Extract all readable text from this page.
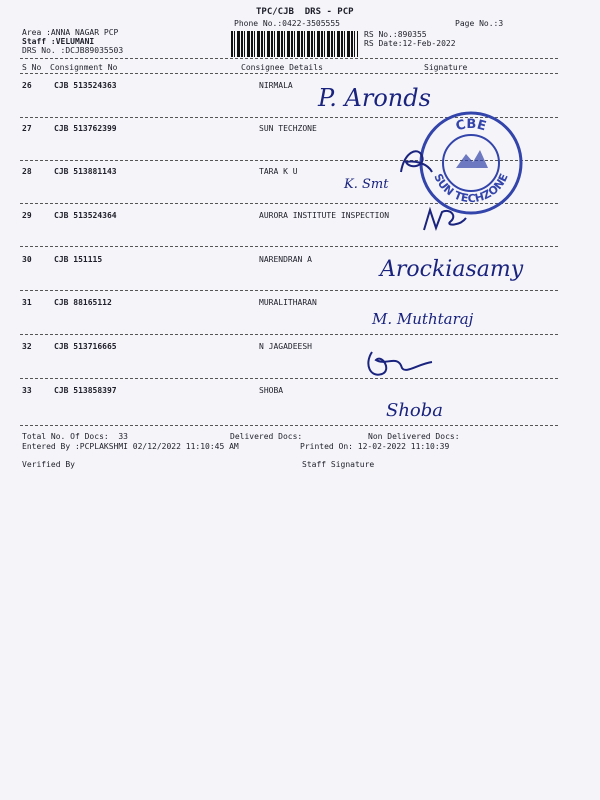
TPC/CJB  DRS - PCP
Phone No.:0422-3505555	Page No.:3
Area :ANNA NAGAR PCP
Staff :VELUMANI
DRS No. :DCJB89035503
RS No.:890355
RS Date:12-Feb-2022
S No Consignment No	Consignee Details	Signature
26	CJB 513524363	NIRMALA
27	CJB 513762399	SUN TECHZONE
28	CJB 513881143	TARA K U
29	CJB 513524364	AURORA INSTITUTE INSPECTION
30	CJB 151115	NARENDRAN A
31	CJB 88165112	MURALITHARAN
32	CJB 513716665	N JAGADEESH
33	CJB 513858397	SHOBA
Total No. Of Docs:  33	Delivered Docs:	Non Delivered Docs:
Entered By :PCPLAKSHMI 02/12/2022 11:10:45 AM	Printed On: 12-02-2022 11:10:39
Verified By	Staff Signature
CBE
SUN TECHZONE
P. Aronds
K. Smt
Arockiasamy
M. Muthtaraj
Shoba
